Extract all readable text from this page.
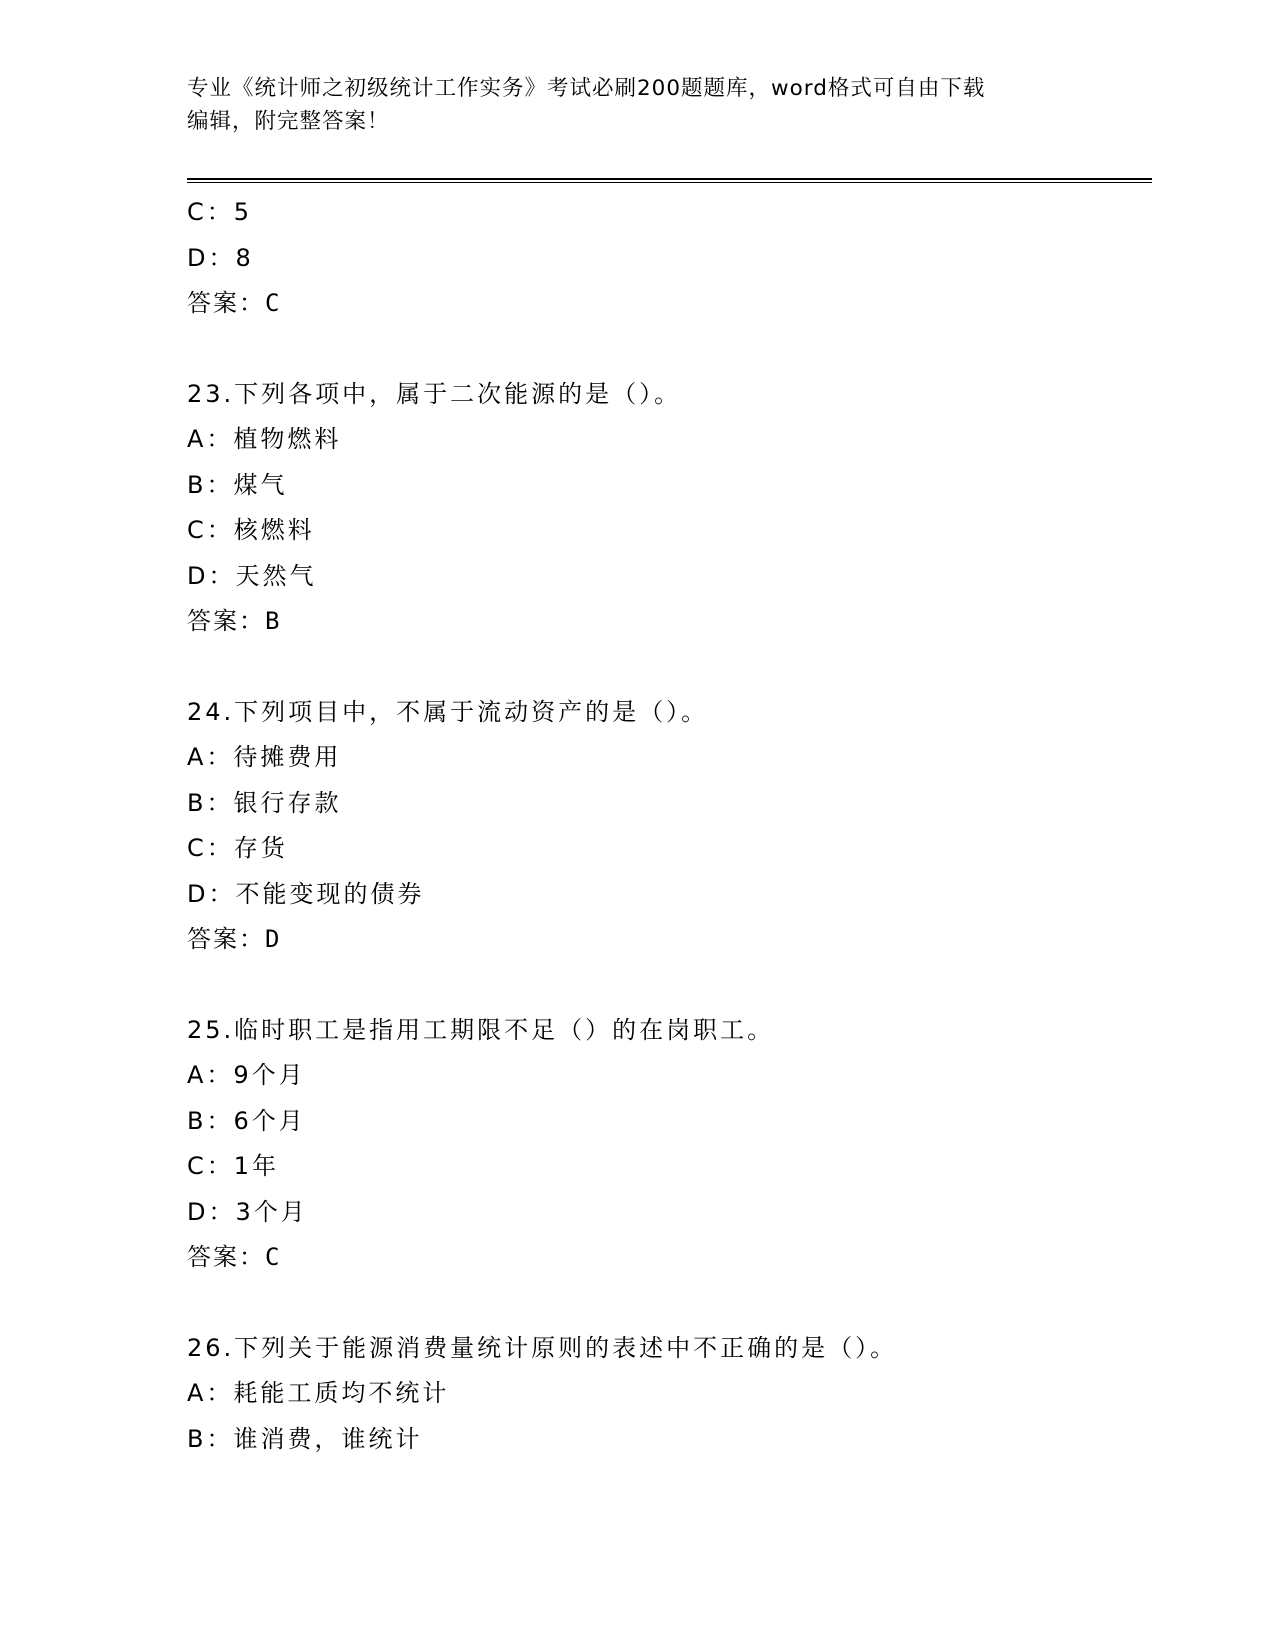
专业《统计师之初级统计工作实务》考试必刷200题题库，word格式可自由下载
编辑，附完整答案！
C：5
D：8
答案：C
23.下列各项中，属于二次能源的是（）。
A：植物燃料
B：煤气
C：核燃料
D：天然气
答案：B
24.下列项目中，不属于流动资产的是（）。
A：待摊费用
B：银行存款
C：存货
D：不能变现的债券
答案：D
25.临时职工是指用工期限不足（）的在岗职工。
A：9个月
B：6个月
C：1年
D：3个月
答案：C
26.下列关于能源消费量统计原则的表述中不正确的是（）。
A：耗能工质均不统计
B：谁消费，谁统计
